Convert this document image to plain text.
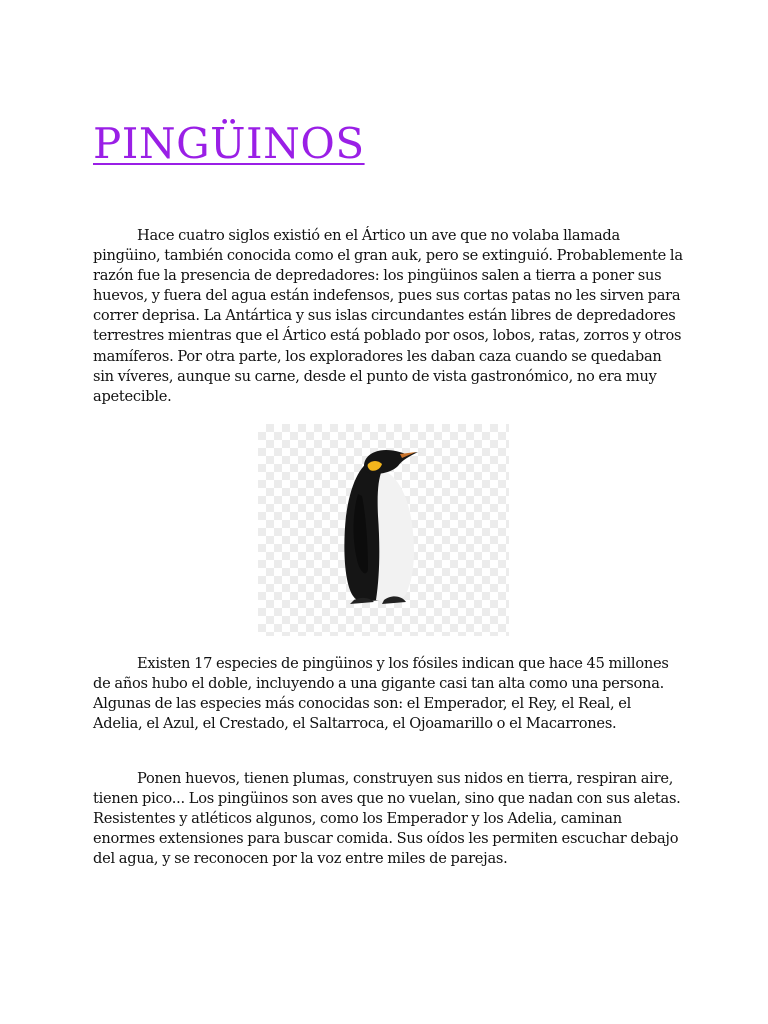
PINGÜINOS

Hace cuatro siglos existió en el Ártico un ave que no volaba llamada pingüino, también conocida como el gran auk, pero se extinguió. Probablemente la razón fue la presencia de depredadores: los pingüinos salen a tierra a poner sus huevos, y fuera del agua están indefensos, pues sus cortas patas no les sirven para correr deprisa. La Antártica y sus islas circundantes están libres de depredadores terrestres mientras que el Ártico está poblado por osos, lobos, ratas, zorros y otros mamíferos. Por otra parte, los exploradores les daban caza cuando se quedaban sin víveres, aunque su carne, desde el punto de vista gastronómico, no era muy apetecible.

Existen 17 especies de pingüinos y los fósiles indican que hace 45 millones de años hubo el doble, incluyendo a una gigante casi tan alta como una persona. Algunas de las especies más conocidas son: el Emperador, el Rey, el Real, el Adelia, el Azul, el Crestado, el Saltarroca, el Ojoamarillo o el Macarrones.

Ponen huevos, tienen plumas, construyen sus nidos en tierra, respiran aire, tienen pico... Los pingüinos son aves que no vuelan, sino que nadan con sus aletas. Resistentes y atléticos algunos, como los Emperador y los Adelia, caminan enormes extensiones para buscar comida. Sus oídos les permiten escuchar debajo del agua, y se reconocen por la voz entre miles de parejas.
